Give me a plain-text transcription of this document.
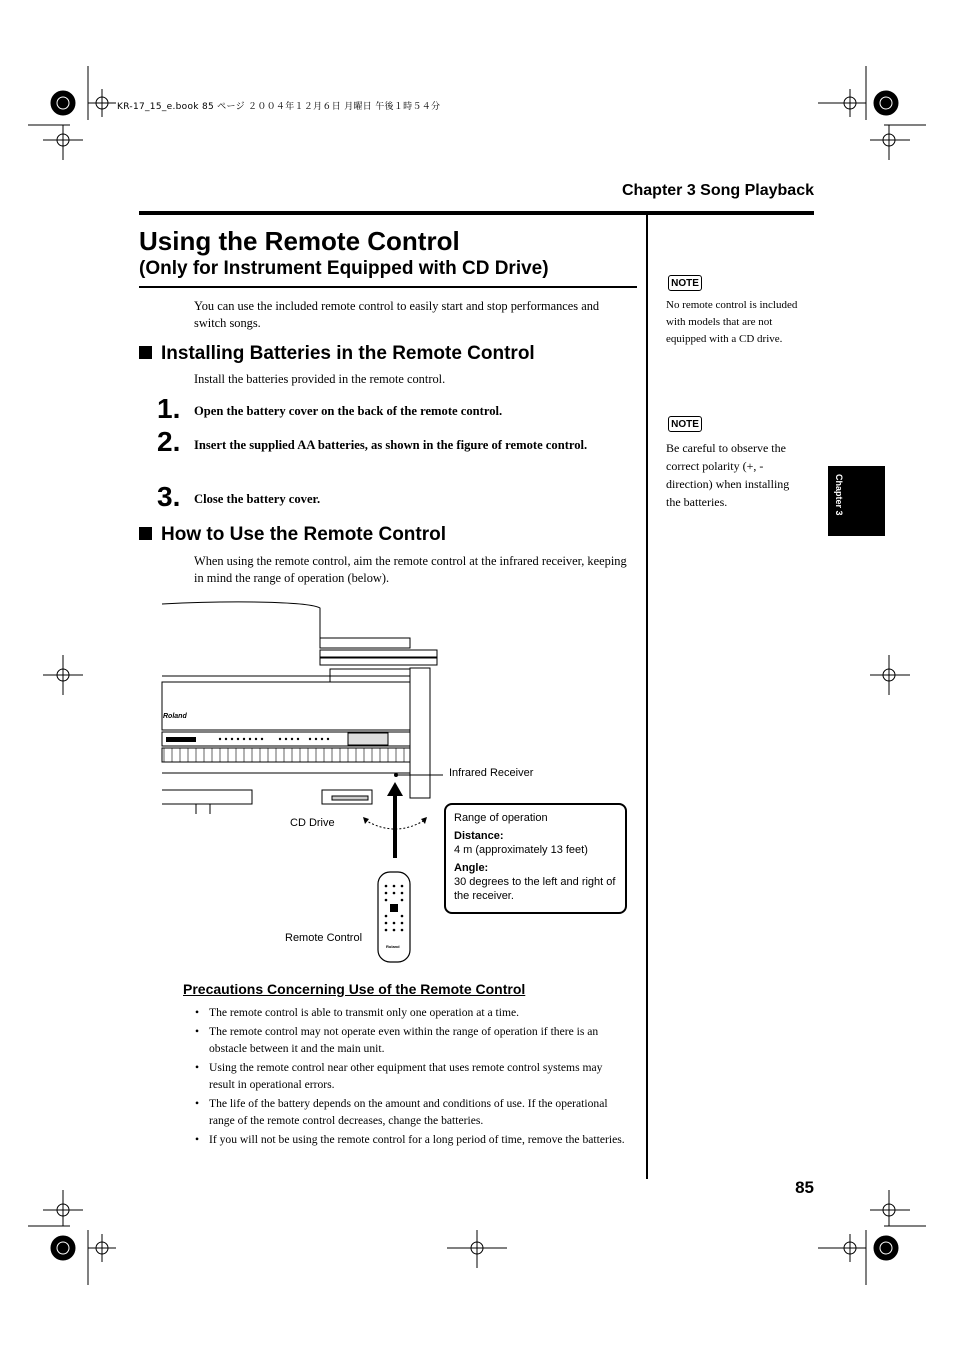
KR-17_15_e.book 85 ページ ２００４年１２月６日 月曜日 午後１時５４分
Chapter 3 Song Playback
Using the Remote Control
(Only for Instrument Equipped with CD Drive)
You can use the included remote control to easily start and stop performances and switch songs.
Installing Batteries in the Remote Control
Install the batteries provided in the remote control.
1. Open the battery cover on the back of the remote control.
2. Insert the supplied AA batteries, as shown in the figure of remote control.
3. Close the battery cover.
How to Use the Remote Control
When using the remote control, aim the remote control at the infrared receiver, keeping in mind the range of operation (below).
Roland
Roland
Infrared Receiver
CD Drive
Remote Control
Range of operation
Distance:
4 m (approximately 13 feet)
Angle:
30 degrees to the left and right of the receiver.
Precautions Concerning Use of the Remote Control
• The remote control is able to transmit only one operation at a time.
• The remote control may not operate even within the range of operation if there is an obstacle between it and the main unit.
• Using the remote control near other equipment that uses remote control systems may result in operational errors.
• The life of the battery depends on the amount and conditions of use. If the operational range of the remote control decreases, change the batteries.
• If you will not be using the remote control for a long period of time, remove the batteries.
NOTE
No remote control is included with models that are not equipped with a CD drive.
NOTE
Be careful to observe the correct polarity (+, - direction) when installing the batteries.	Chapter 3
85
